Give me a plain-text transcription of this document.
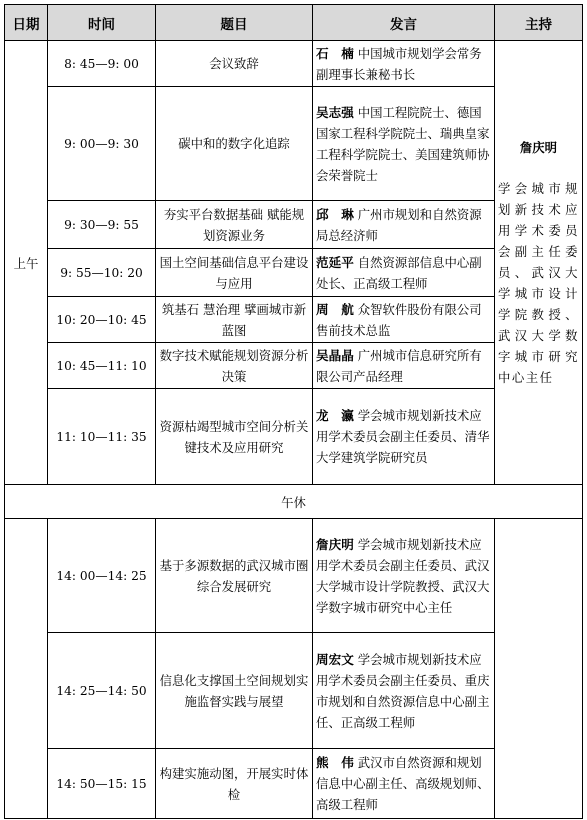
日期	时间	题目	发言	主持
上午	8: 45—9: 00	会议致辞	石　楠 中国城市规划学会常务副理事长兼秘书长	詹庆明
学会城市规划新技术应用学术委员会副主任委员、武汉大学城市设计学院教授、武汉大学数字城市研究中心主任

	9: 00—9: 30	碳中和的数字化追踪	吴志强 中国工程院院士、德国国家工程科学院院士、瑞典皇家工程科学院院士、美国建筑师协会荣誉院士	
	9: 30—9: 55	夯实平台数据基础 赋能规划资源业务	邱　琳 广州市规划和自然资源局总经济师	
	9: 55—10: 20	国土空间基础信息平台建设与应用	范延平 自然资源部信息中心副处长、正高级工程师	
	10: 20—10: 45	筑基石 慧治理 擘画城市新蓝图	周　航 众智软件股份有限公司售前技术总监	
	10: 45—11: 10	数字技术赋能规划资源分析决策	吴晶晶 广州城市信息研究所有限公司产品经理	
	11: 10—11: 35	资源枯竭型城市空间分析关键技术及应用研究	龙　瀛 学会城市规划新技术应用学术委员会副主任委员、清华大学建筑学院研究员	
午休				
	14: 00—14: 25	基于多源数据的武汉城市圈综合发展研究	詹庆明 学会城市规划新技术应用学术委员会副主任委员、武汉大学城市设计学院教授、武汉大学数字城市研究中心主任	
	14: 25—14: 50	信息化支撑国土空间规划实施监督实践与展望	周宏文 学会城市规划新技术应用学术委员会副主任委员、重庆市规划和自然资源信息中心副主任、正高级工程师	
	14: 50—15: 15	构建实施动图，开展实时体检	熊　伟 武汉市自然资源和规划信息中心副主任、高级规划师、高级工程师	
